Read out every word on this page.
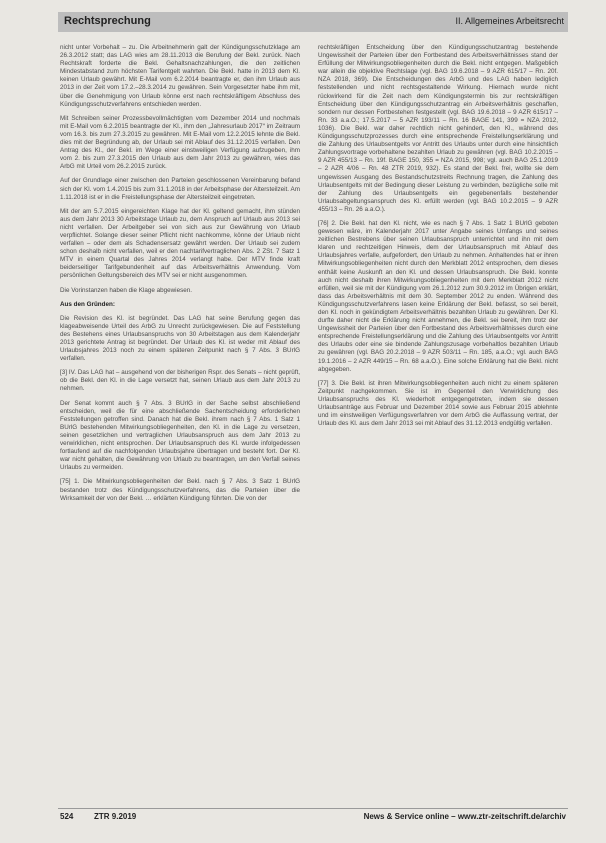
Rechtsprechung	II. Allgemeines Arbeitsrecht

nicht unter Vorbehalt – zu. Die Arbeitnehmerin galt der Kündigungsschutzklage am 26.3.2012 statt; das LAG wies am 28.11.2013 die Berufung der Bekl. zurück. Nach Rechtskraft forderte die Bekl. Gehaltsnachzahlungen, die den zeitlichen Mindestabstand zum höchsten Tarifentgelt wahrten. Die Bekl. hatte in 2013 dem Kl. keinen Urlaub gewährt. Mit E-Mail vom 6.2.2014 beantragte er, den ihm Urlaub aus 2013 in der Zeit vom 17.2.–28.3.2014 zu gewähren. Sein Vorgesetzter habe ihm mit, über die Genehmigung von Urlaub könne erst nach rechtskräftigem Abschluss des Kündigungsschutzverfahrens entschieden werden.

Mit Schreiben seiner Prozessbevollmächtigten vom Dezember 2014 und nochmals mit E-Mail vom 6.2.2015 beantragte der Kl., ihm den „Jahresurlaub 2017“ im Zeitraum vom 16.3. bis zum 27.3.2015 zu gewähren. Mit E-Mail vom 12.2.2015 lehnte die Bekl. dies mit der Begründung ab, der Urlaub sei mit Ablauf des 31.12.2015 verfallen. Den Antrag des Kl., der Bekl. im Wege einer einstweiligen Verfügung aufzugeben, ihm vom 2. bis zum 27.3.2015 den Urlaub aus dem Jahr 2013 zu gewähren, wies das ArbG mit Urteil vom 26.2.2015 zurück.

Auf der Grundlage einer zwischen den Parteien geschlossenen Vereinbarung befand sich der Kl. vom 1.4.2015 bis zum 31.1.2018 in der Arbeitsphase der Altersteilzeit. Am 1.11.2018 ist er in die Freistellungsphase der Altersteilzeit eingetreten.

Mit der am 5.7.2015 eingereichten Klage hat der Kl. geltend gemacht, ihm stünden aus dem Jahr 2013 30 Arbeitstage Urlaub zu, dem Anspruch auf Urlaub aus 2013 sei nicht verfallen. Der Arbeitgeber sei von sich aus zur Gewährung von Urlaub verpflichtet. Solange dieser seiner Pflicht nicht nachkomme, könne der Urlaub nicht verfallen – oder dem als Schadensersatz gewährt werden. Der Urlaub sei zudem schon deshalb nicht verfallen, weil er den nachtarifvertraglichen Abs. 2 ZSt. 7 Satz 1 MTV in einem Quartal des Jahres 2014 verlangt habe. Der MTV finde kraft beiderseitiger Tarifgebundenheit auf das Arbeitsverhältnis Anwendung. Vom persönlichen Geltungsbereich des MTV sei er nicht ausgenommen.

Die Vorinstanzen haben die Klage abgewiesen.

Aus den Gründen:

Die Revision des Kl. ist begründet. Das LAG hat seine Berufung gegen das klageabweisende Urteil des ArbG zu Unrecht zurückgewiesen. Die auf Feststellung des Bestehens eines Urlaubsanspruchs von 30 Arbeitstagen aus dem Kalenderjahr 2013 gerichtete Antrag ist begründet. Der Urlaub des Kl. ist weder mit Ablauf des Urlaubsjahres 2013 noch zu einem späteren Zeitpunkt nach § 7 Abs. 3 BUrlG verfallen.

[3] IV. Das LAG hat – ausgehend von der bisherigen Rspr. des Senats – nicht geprüft, ob die Bekl. den Kl. in die Lage versetzt hat, seinen Urlaub aus dem Jahr 2013 zu nehmen.

Der Senat kommt auch § 7 Abs. 3 BUrlG in der Sache selbst abschließend entscheiden, weil die für eine abschließende Sachentscheidung erforderlichen Feststellungen getroffen sind. Danach hat die Bekl. ihrem nach § 7 Abs. 1 Satz 1 BUrlG bestehenden Mitwirkungsobliegenheiten, den Kl. in die Lage zu versetzen, seinen gesetzlichen und vertraglichen Urlaubsanspruch aus dem Jahr 2013 zu verwirklichen, nicht entsprochen. Der Urlaubsanspruch des Kl. wurde infolgedessen fortlaufend auf die nachfolgenden Urlaubsjahre übertragen und besteht fort. Der Kl. war nicht gehalten, die Gewährung von Urlaub zu beantragen, um den Verfall seines Urlaubs zu vermeiden.

[75] 1. Die Mitwirkungsobliegenheiten der Bekl. nach § 7 Abs. 3 Satz 1 BUrlG bestanden trotz des Kündigungsschutzverfahrens, das die Parteien über die Wirksamkeit der von der Bekl. … erklärten Kündigung führten. Die von der

rechtskräftigen Entscheidung über den Kündigungsschutzantrag bestehende Ungewissheit der Parteien über den Fortbestand des Arbeitsverhältnisses stand der Erfüllung der Mitwirkungsobliegenheiten durch die Bekl. nicht entgegen. Maßgeblich war allein die objektive Rechtslage (vgl. BAG 19.6.2018 – 9 AZR 615/17 – Rn. 20f. NZA 2018, 369). Die Entscheidungen des ArbG und des LAG haben lediglich feststellenden und nicht rechtsgestaltende Wirkung. Hiernach wurde nicht rückwirkend für die Zeit nach dem Kündigungstermin bis zur rechtskräftigen Entscheidung über den Kündigungsschutzantrag ein Arbeitsverhältnis geschaffen, sondern nur dessen Fortbestehen festgestellt (vgl. BAG 19.6.2018 – 9 AZR 615/17 – Rn. 33 a.a.O.; 17.5.2017 – 5 AZR 193/11 – Rn. 16 BAGE 141, 399 = NZA 2012, 1036). Die Bekl. war daher rechtlich nicht gehindert, den Kl., während des Kündigungsschutzprozesses durch eine entsprechende Freistellungserklärung und die Zahlung des Urlaubsentgelts vor Antritt des Urlaubs unter durch eine hinsichtlich Zahlungsvortrage vorbehaltene bezahlten Urlaub zu gewähren (vgl. BAG 10.2.2015 – 9 AZR 455/13 – Rn. 19f. BAGE 150, 355 = NZA 2015, 998; vgl. auch BAG 25.1.2019 – 2 AZR 4/06 – Rn. 48 ZTR 2019, 932). Es stand der Bekl. frei, wollte sie dem ungewissen Ausgang des Bestandschutzstreits Rechnung tragen, die Zahlung des Urlaubsentgelts mit der Bedingung dieser Leistung zu verbinden, bezügliche solle mit der Zahlung des Urlaubsentgelts ein gegebenenfalls bestehender Urlaubsabgeltungsanspruch des Kl. erfüllt werden (vgl. BAG 10.2.2015 – 9 AZR 455/13 – Rn. 26 a.a.O.).

[76] 2. Die Bekl. hat den Kl. nicht, wie es nach § 7 Abs. 1 Satz 1 BUrlG geboten gewesen wäre, im Kalenderjahr 2017 unter Angabe seines Umfangs und seines zeitlichen Bestrebens über seinen Urlaubsanspruch unterrichtet und ihn mit dem klaren und rechtzeitigen Hinweis, dem der Urlaubsanspruch mit Ablauf des Urlaubsjahres verfalle, aufgefordert, den Urlaub zu nehmen. Anhaltendes hat er ihren Mitwirkungsobliegenheiten nicht durch den Merkblatt 2012 entsprochen, dem dieses enthält keine Auskunft an den Kl. und dessen Urlaubsanspruch. Die Bekl. konnte auch nicht deshalb ihren Mitwirkungsobliegenheiten mit dem Merkblatt 2012 nicht erfüllen, weil sie mit der Kündigung vom 26.1.2012 zum 30.9.2012 im Übrigen erklärt, dass das Arbeitsverhältnis mit dem 30. September 2012 zu enden. Während des Kündigungsschutzverfahrens lasen keine Erklärung der Bekl. befasst, so sei bereit, den Kl. noch in gekündigtem Arbeitsverhältnis bezahlten Urlaub zu gewähren. Der Kl. durfte daher nicht die Erklärung nicht annehmen, die Bekl. sei bereit, ihm trotz der Ungewissheit der Parteien über den Fortbestand des Arbeitsverhältnisses durch eine entsprechende Freistellungserklärung und die Zahlung des Urlaubsentgelts vor Antritt des Urlaubs oder eine sie bindende Zahlungszusage vorbehaltlos bezahlten Urlaub zu gewähren (vgl. BAG 20.2.2018 – 9 AZR 503/11 – Rn. 185, a.a.O.; vgl. auch BAG 19.1.2016 – 2 AZR 449/15 – Rn. 68 a.a.O.). Eine solche Erklärung hat die Bekl. nicht abgegeben.

[77] 3. Die Bekl. ist ihren Mitwirkungsobliegenheiten auch nicht zu einem späteren Zeitpunkt nachgekommen. Sie ist im Gegenteil den Verwirklichung des Urlaubsanspruchs des Kl. wiederholt entgegengetreten, indem sie dessen Urlaubsanträge aus Februar und Dezember 2014 sowie aus Februar 2015 ablehnte und im einstweiligen Verfügungsverfahren vor dem ArbG die Auffassung vertrat, der Urlaub des Kl. aus dem Jahr 2013 sei mit Ablauf des 31.12.2013 endgültig verfallen.

524	ZTR 9.2019	News & Service online – www.ztr-zeitschrift.de/archiv
